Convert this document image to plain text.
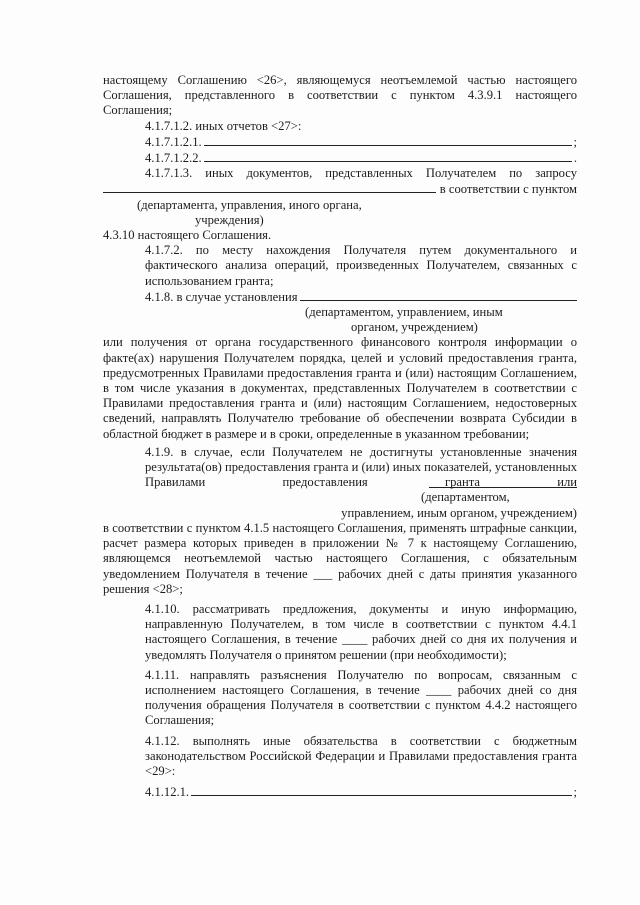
настоящему Соглашению <26>, являющемуся неотъемлемой частью настоящего Соглашения, представленного в соответствии с пунктом 4.3.9.1 настоящего Соглашения;

4.1.7.1.2. иных отчетов <27>:

4.1.7.1.2.1.	;
4.1.7.1.2.2.	.

4.1.7.1.3. иных документов, представленных Получателем по запросу

в соответствии с пунктом

(департамента, управления, иного органа,

учреждения)

4.3.10 настоящего Соглашения.

4.1.7.2. по месту нахождения Получателя путем документального и фактического анализа операций, произведенных Получателем, связанных с использованием гранта;

4.1.8. в случае установления

(департаментом, управлением, иным

органом, учреждением)

или получения от органа государственного финансового контроля информации о факте(ах) нарушения Получателем порядка, целей и условий предоставления гранта, предусмотренных Правилами предоставления гранта и (или) настоящим Соглашением, в том числе указания в документах, представленных Получателем в соответствии с Правилами предоставления гранта и (или) настоящим Соглашением, недостоверных сведений, направлять Получателю требование об обеспечении возврата Субсидии в областной бюджет в размере и в сроки, определенные в указанном требовании;

4.1.9. в случае, если Получателем не достигнуты установленные значения результата(ов) предоставления гранта и (или) иных показателей, установленных Правилами предоставления гранта или

(департаментом,

управлением, иным органом, учреждением)

в соответствии с пунктом 4.1.5 настоящего Соглашения, применять штрафные санкции, расчет размера которых приведен в приложении № 7 к настоящему Соглашению, являющемся неотъемлемой частью настоящего Соглашения, с обязательным уведомлением Получателя в течение ___ рабочих дней с даты принятия указанного решения <28>;

4.1.10. рассматривать предложения, документы и иную информацию, направленную Получателем, в том числе в соответствии с пунктом 4.4.1 настоящего Соглашения, в течение ____ рабочих дней со дня их получения и уведомлять Получателя о принятом решении (при необходимости);

4.1.11. направлять разъяснения Получателю по вопросам, связанным с исполнением настоящего Соглашения, в течение ____ рабочих дней со дня получения обращения Получателя в соответствии с пунктом 4.4.2 настоящего Соглашения;

4.1.12. выполнять иные обязательства в соответствии с бюджетным законодательством Российской Федерации и Правилами предоставления гранта <29>:

4.1.12.1.	;
